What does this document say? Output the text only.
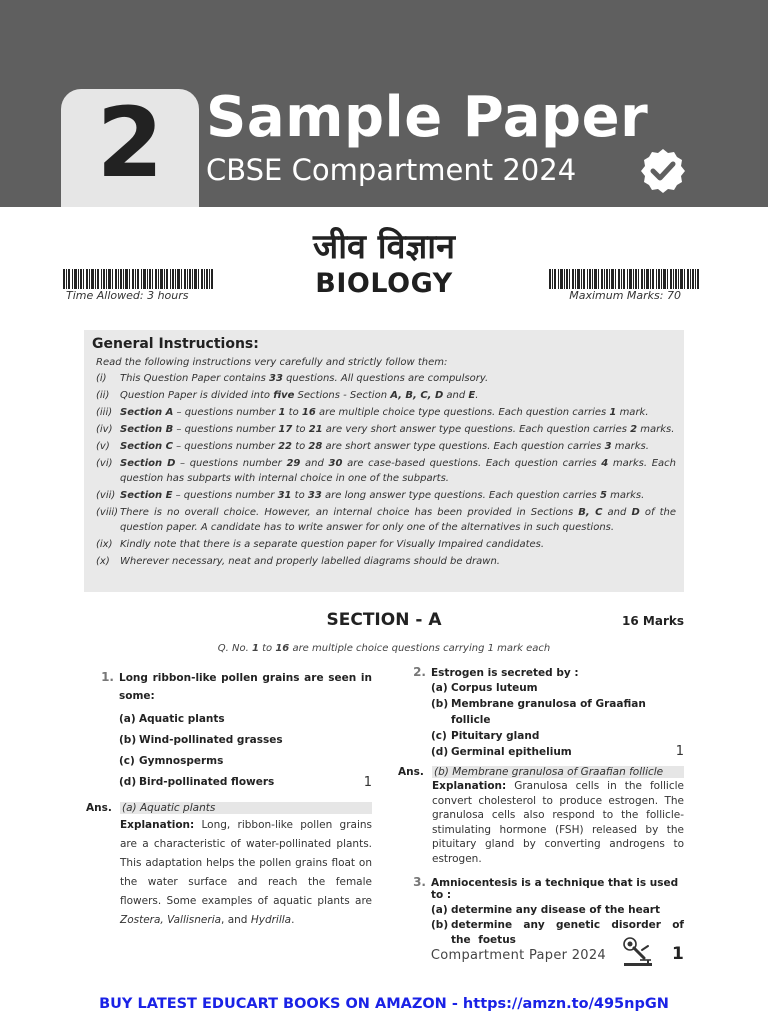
2 Sample Paper
CBSE Compartment 2024
जीव विज्ञान
BIOLOGY
Time Allowed: 3 hours	Maximum Marks: 70
General Instructions:
Read the following instructions very carefully and strictly follow them:
(i)	This Question Paper contains 33 questions. All questions are compulsory.
(ii)	Question Paper is divided into five Sections - Section A, B, C, D and E.
(iii) Section A – questions number 1 to 16 are multiple choice type questions. Each question carries 1 mark.
(iv) Section B – questions number 17 to 21 are very short answer type questions. Each question carries 2 marks.
(v)	Section C – questions number 22 to 28 are short answer type questions. Each question carries 3 marks.
(vi) Section D – questions number 29 and 30 are case-based questions. Each question carries 4 marks. Each question has subparts with internal choice in one of the subparts.
(vii) Section E – questions number 31 to 33 are long answer type questions. Each question carries 5 marks.
(viii) There is no overall choice. However, an internal choice has been provided in Sections B, C and D of the question paper. A candidate has to write answer for only one of the alternatives in such questions.
(ix) Kindly note that there is a separate question paper for Visually Impaired candidates.
(x)	Wherever necessary, neat and properly labelled diagrams should be drawn.
SECTION - A	16 Marks
Q. No. 1 to 16 are multiple choice questions carrying 1 mark each
1. Long ribbon-like pollen grains are seen in some:
(a) Aquatic plants
(b) Wind-pollinated grasses
(c) Gymnosperms
(d) Bird-pollinated flowers	1
Ans. (a) Aquatic plants
Explanation: Long, ribbon-like pollen grains are a characteristic of water-pollinated plants. This adaptation helps the pollen grains float on the water surface and reach the female flowers. Some examples of aquatic plants are Zostera, Vallisneria, and Hydrilla.
2. Estrogen is secreted by :
(a) Corpus luteum
(b) Membrane granulosa of Graafian follicle
(c) Pituitary gland
(d) Germinal epithelium	1
Ans. (b) Membrane granulosa of Graafian follicle
Explanation: Granulosa cells in the follicle convert cholesterol to produce estrogen. The granulosa cells also respond to the follicle-stimulating hormone (FSH) released by the pituitary gland by converting androgens to estrogen.
3. Amniocentesis is a technique that is used to :
(a) determine any disease of the heart
(b) determine any genetic disorder of the foetus
Compartment Paper 2024	1
BUY LATEST EDUCART BOOKS ON AMAZON - https://amzn.to/495npGN
